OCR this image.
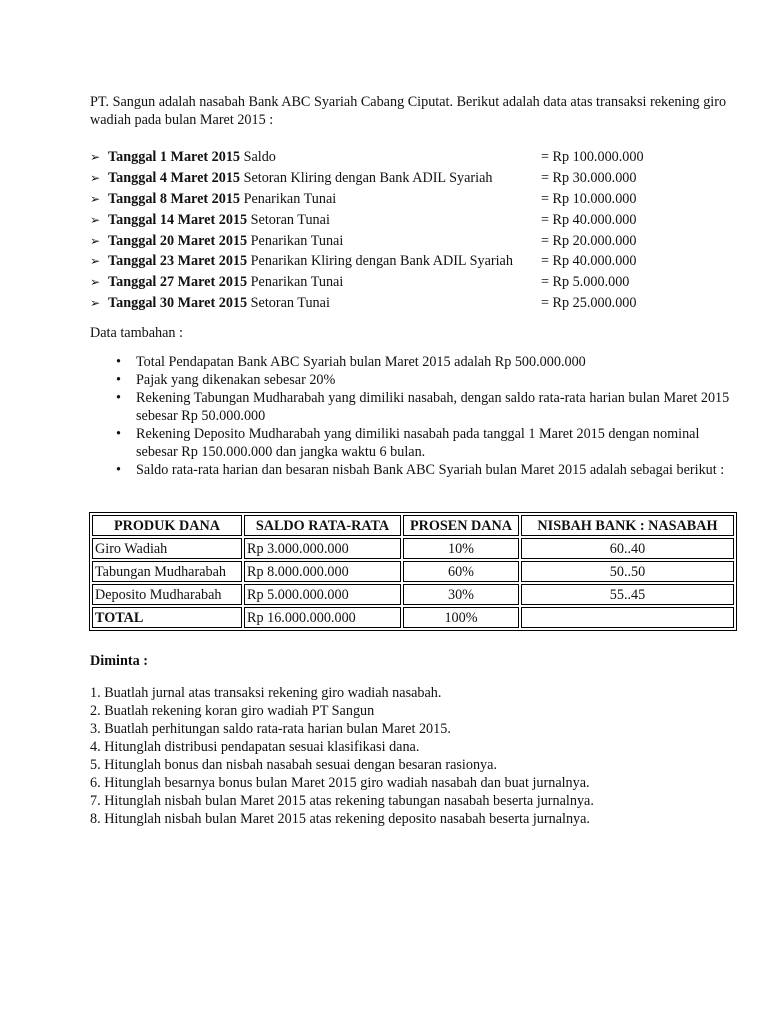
PT. Sangun adalah nasabah Bank ABC Syariah Cabang Ciputat. Berikut adalah data atas transaksi rekening giro wadiah pada bulan Maret 2015 :

➢ Tanggal 1 Maret 2015 Saldo	= Rp 100.000.000
➢ Tanggal 4 Maret 2015 Setoran Kliring dengan Bank ADIL Syariah	= Rp 30.000.000
➢ Tanggal 8 Maret 2015 Penarikan Tunai	= Rp 10.000.000
➢ Tanggal 14 Maret 2015 Setoran Tunai	= Rp 40.000.000
➢ Tanggal 20 Maret 2015 Penarikan Tunai	= Rp 20.000.000
➢ Tanggal 23 Maret 2015 Penarikan Kliring dengan Bank ADIL Syariah	= Rp 40.000.000
➢ Tanggal 27 Maret 2015 Penarikan Tunai	= Rp 5.000.000
➢ Tanggal 30 Maret 2015 Setoran Tunai	= Rp 25.000.000

Data tambahan :

• Total Pendapatan Bank ABC Syariah bulan Maret 2015 adalah Rp 500.000.000
• Pajak yang dikenakan sebesar 20%
• Rekening Tabungan Mudharabah yang dimiliki nasabah, dengan saldo rata-rata harian bulan Maret 2015 sebesar Rp 50.000.000
• Rekening Deposito Mudharabah yang dimiliki nasabah pada tanggal 1 Maret 2015 dengan nominal sebesar Rp 150.000.000 dan jangka waktu 6 bulan.
• Saldo rata-rata harian dan besaran nisbah Bank ABC Syariah bulan Maret 2015 adalah sebagai berikut :
PRODUK DANA	SALDO RATA-RATA	PROSEN DANA	NISBAH BANK : NASABAH
Giro Wadiah	Rp 3.000.000.000	10%	60..40
Tabungan Mudharabah	Rp 8.000.000.000	60%	50..50
Deposito Mudharabah	Rp 5.000.000.000	30%	55..45
TOTAL	Rp 16.000.000.000	100%	

Diminta :

1. Buatlah jurnal atas transaksi rekening giro wadiah nasabah.
2. Buatlah rekening koran giro wadiah PT Sangun
3. Buatlah perhitungan saldo rata-rata harian bulan Maret 2015.
4. Hitunglah distribusi pendapatan sesuai klasifikasi dana.
5. Hitunglah bonus dan nisbah nasabah sesuai dengan besaran rasionya.
6. Hitunglah besarnya bonus bulan Maret 2015 giro wadiah nasabah dan buat jurnalnya.
7. Hitunglah nisbah bulan Maret 2015 atas rekening tabungan nasabah beserta jurnalnya.
8. Hitunglah nisbah bulan Maret 2015 atas rekening deposito nasabah beserta jurnalnya.
